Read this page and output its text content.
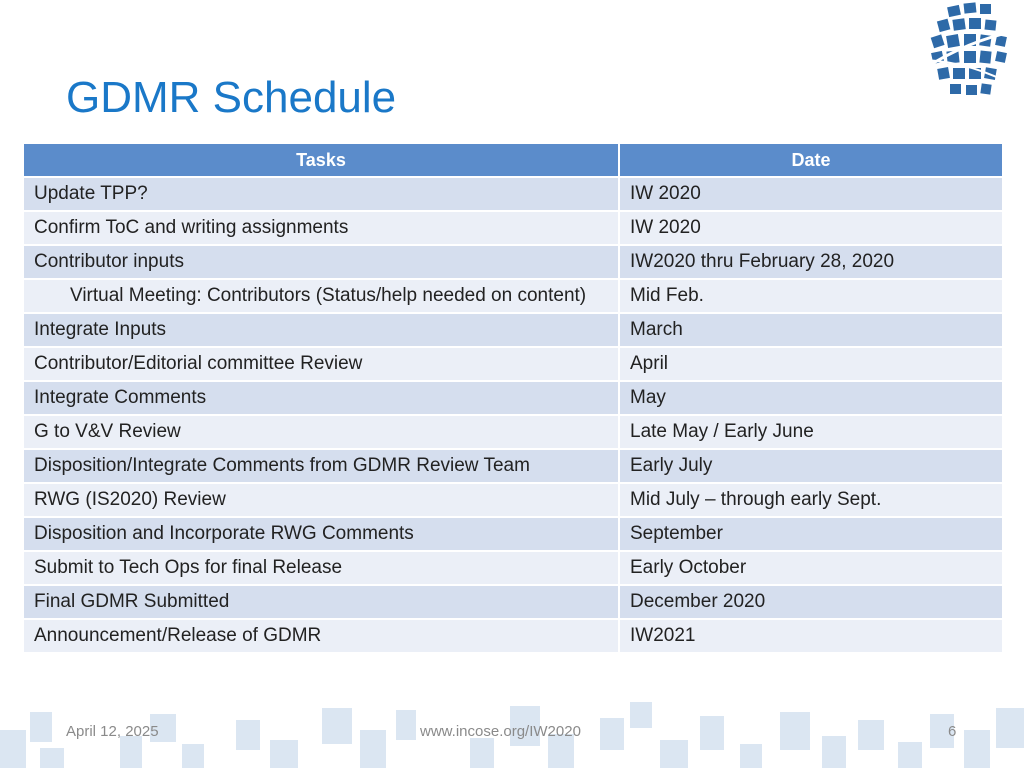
GDMR Schedule
Tasks	Date
Update TPP?	IW 2020
Confirm ToC and writing assignments	IW 2020
Contributor inputs	IW2020 thru February 28, 2020
Virtual Meeting: Contributors (Status/help needed on content)	Mid Feb.
Integrate Inputs	March
Contributor/Editorial committee Review	April
Integrate Comments	May
G to V&V Review	Late May / Early June
Disposition/Integrate Comments from GDMR Review Team	Early July
RWG (IS2020) Review	Mid July – through early Sept.
Disposition and Incorporate RWG Comments	September
Submit to Tech Ops for final Release	Early October
Final GDMR Submitted	December 2020
Announcement/Release of GDMR	IW2021
April 12, 2025	www.incose.org/IW2020	6
